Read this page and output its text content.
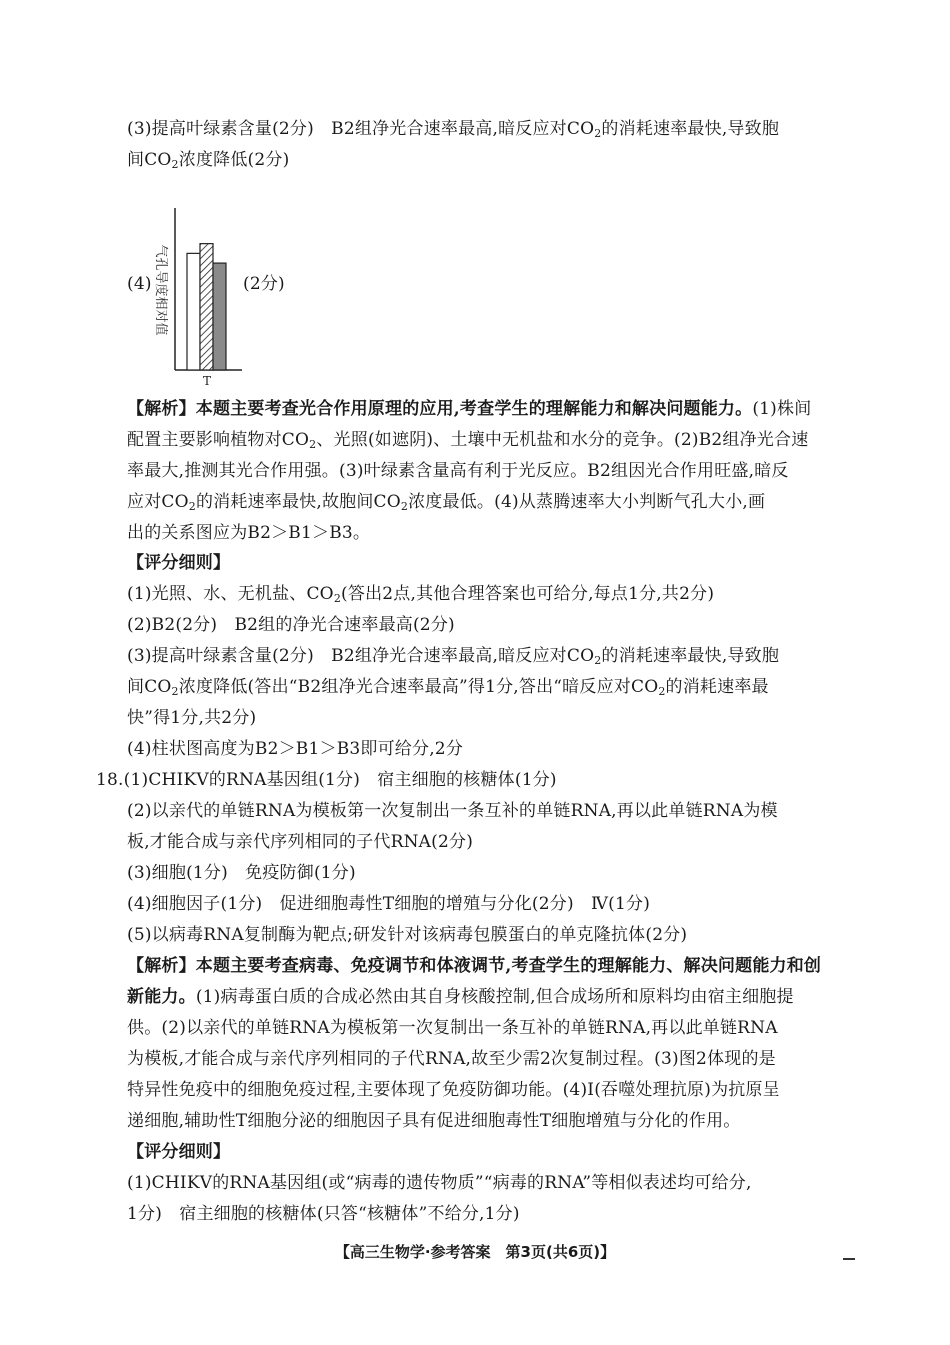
(3)提高叶绿素含量(2分)　B2组净光合速率最高,暗反应对$CO_2$的消耗速率最快,导致胞
间$CO_2$浓度降低(2分)
(4)	(2分)
气孔导度相对值
T
【解析】本题主要考查光合作用原理的应用,考查学生的理解能力和解决问题能力。(1)株间
配置主要影响植物对$CO_2$、光照(如遮阴)、土壤中无机盐和水分的竞争。(2)B2组净光合速
率最大,推测其光合作用强。(3)叶绿素含量高有利于光反应。B2组因光合作用旺盛,暗反
应对$CO_2$的消耗速率最快,故胞间$CO_2$浓度最低。(4)从蒸腾速率大小判断气孔大小,画
出的关系图应为B2＞B1＞B3。
【评分细则】
(1)光照、水、无机盐、$CO_2$(答出2点,其他合理答案也可给分,每点1分,共2分)
(2)B2(2分)　B2组的净光合速率最高(2分)
(3)提高叶绿素含量(2分)　B2组净光合速率最高,暗反应对$CO_2$的消耗速率最快,导致胞
间$CO_2$浓度降低(答出“B2组净光合速率最高”得1分,答出“暗反应对$CO_2$的消耗速率最
快”得1分,共2分)
(4)柱状图高度为B2＞B1＞B3即可给分,2分
18.(1)CHIKV的RNA基因组(1分)　宿主细胞的核糖体(1分)
(2)以亲代的单链RNA为模板第一次复制出一条互补的单链RNA,再以此单链RNA为模
板,才能合成与亲代序列相同的子代RNA(2分)
(3)细胞(1分)　免疫防御(1分)
(4)细胞因子(1分)　促进细胞毒性T细胞的增殖与分化(2分)　Ⅳ(1分)
(5)以病毒RNA复制酶为靶点;研发针对该病毒包膜蛋白的单克隆抗体(2分)
【解析】本题主要考查病毒、免疫调节和体液调节,考查学生的理解能力、解决问题能力和创
新能力。(1)病毒蛋白质的合成必然由其自身核酸控制,但合成场所和原料均由宿主细胞提
供。(2)以亲代的单链RNA为模板第一次复制出一条互补的单链RNA,再以此单链RNA
为模板,才能合成与亲代序列相同的子代RNA,故至少需2次复制过程。(3)图2体现的是
特异性免疫中的细胞免疫过程,主要体现了免疫防御功能。(4)Ⅰ(吞噬处理抗原)为抗原呈
递细胞,辅助性T细胞分泌的细胞因子具有促进细胞毒性T细胞增殖与分化的作用。
【评分细则】
(1)CHIKV的RNA基因组(或“病毒的遗传物质”“病毒的RNA”等相似表述均可给分,
1分)　宿主细胞的核糖体(只答“核糖体”不给分,1分)
【高三生物学·参考答案　第3页(共6页)】
